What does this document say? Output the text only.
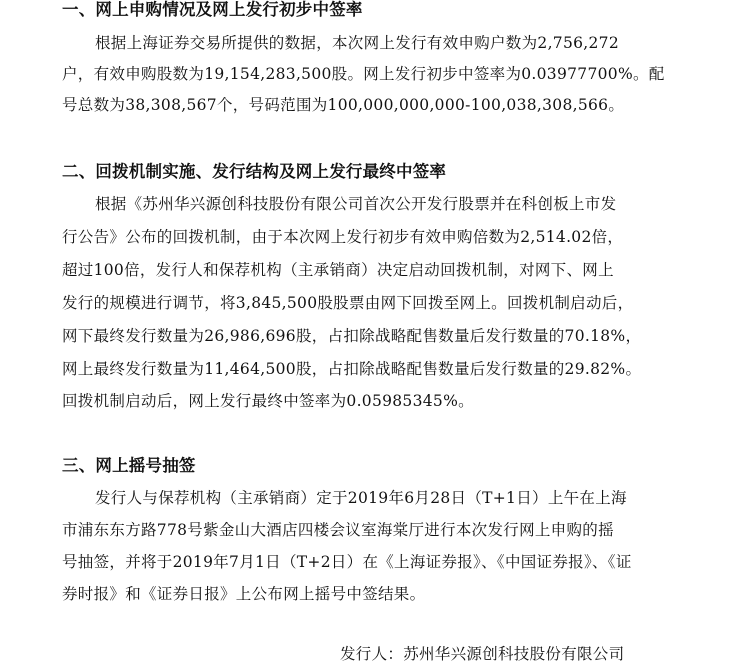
一、网上申购情况及网上发行初步中签率
根据上海证券交易所提供的数据，本次网上发行有效申购户数为2,756,272
户，有效申购股数为19,154,283,500股。网上发行初步中签率为0.03977700%。配
号总数为38,308,567个，号码范围为100,000,000,000-100,038,308,566。
二、回拨机制实施、发行结构及网上发行最终中签率
根据《苏州华兴源创科技股份有限公司首次公开发行股票并在科创板上市发
行公告》公布的回拨机制，由于本次网上发行初步有效申购倍数为2,514.02倍，
超过100倍，发行人和保荐机构（主承销商）决定启动回拨机制，对网下、网上
发行的规模进行调节，将3,845,500股股票由网下回拨至网上。回拨机制启动后，
网下最终发行数量为26,986,696股，占扣除战略配售数量后发行数量的70.18%，
网上最终发行数量为11,464,500股，占扣除战略配售数量后发行数量的29.82%。
回拨机制启动后，网上发行最终中签率为0.05985345%。
三、网上摇号抽签
发行人与保荐机构（主承销商）定于2019年6月28日（T+1日）上午在上海
市浦东东方路778号紫金山大酒店四楼会议室海棠厅进行本次发行网上申购的摇
号抽签，并将于2019年7月1日（T+2日）在《上海证券报》、《中国证券报》、《证
券时报》和《证券日报》上公布网上摇号中签结果。
发行人：苏州华兴源创科技股份有限公司
